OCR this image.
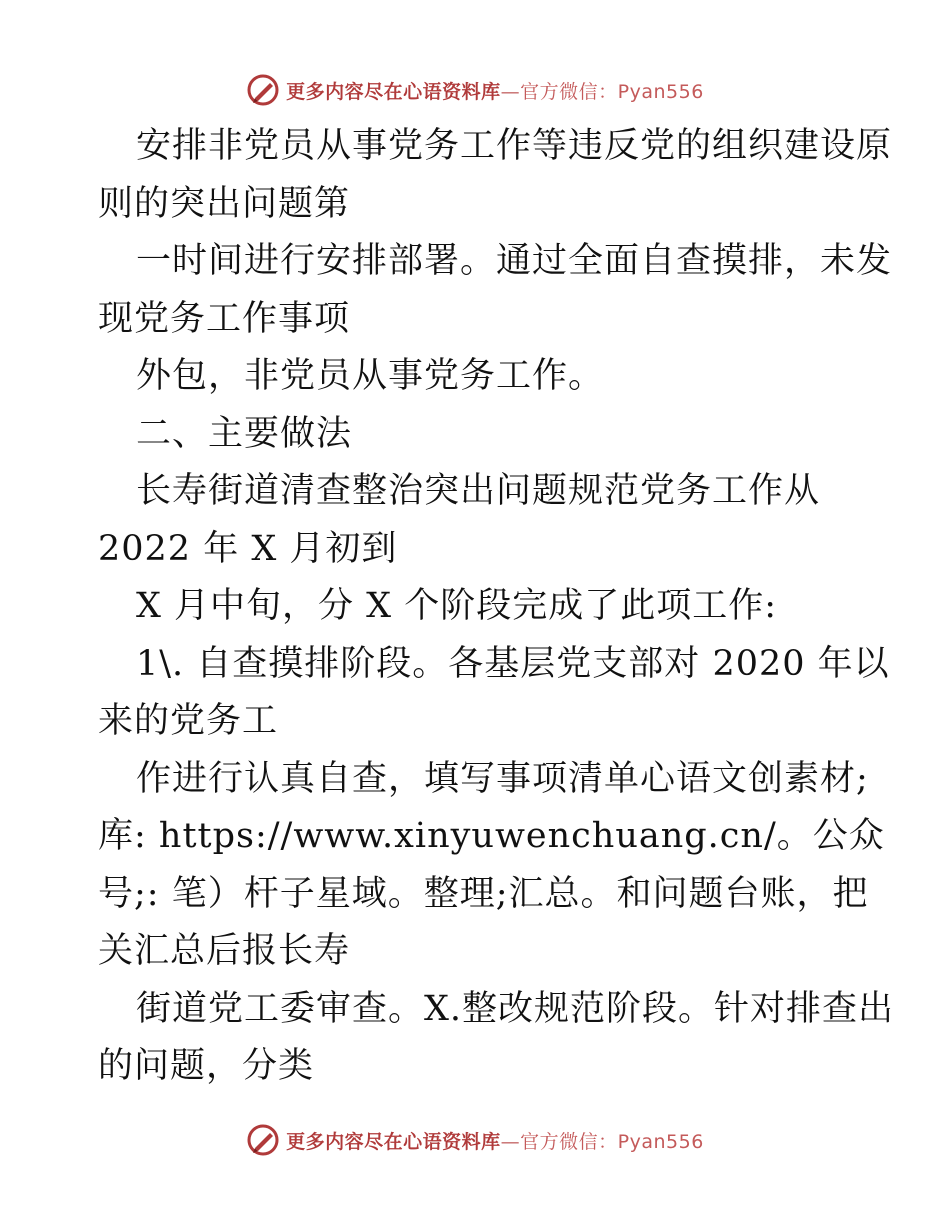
更多内容尽在心语资料库—官方微信：Pyan556
安排非党员从事党务工作等违反党的组织建设原
则的突出问题第
一时间进行安排部署。通过全面自查摸排，未发
现党务工作事项
外包，非党员从事党务工作。
二、主要做法
长寿街道清查整治突出问题规范党务工作从
2022 年 X 月初到
X 月中旬，分 X 个阶段完成了此项工作:
1\. 自查摸排阶段。各基层党支部对 2020 年以
来的党务工
作进行认真自查，填写事项清单心语文创素材;
库: https://www.xinyuwenchuang.cn/。公众
号;: 笔）杆子星域。整理;汇总。和问题台账，把
关汇总后报长寿
街道党工委审查。X.整改规范阶段。针对排查出
的问题，分类
更多内容尽在心语资料库—官方微信：Pyan556
